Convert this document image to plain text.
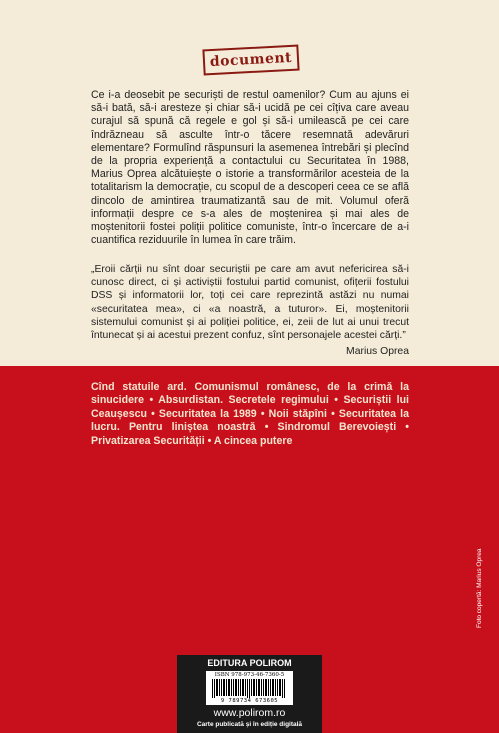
document

Ce i-a deosebit pe securiști de restul oamenilor? Cum au ajuns ei să-i bată, să-i aresteze și chiar să-i ucidă pe cei cîțiva care aveau curajul să spună că regele e gol și să-i umilească pe cei care îndrăzneau să asculte într-o tăcere resemnată adevăruri elementare? Formulînd răspunsuri la asemenea întrebări și plecînd de la propria experiență a contactului cu Securitatea în 1988, Marius Oprea alcătuiește o istorie a transformărilor acesteia de la totalitarism la democrație, cu scopul de a descoperi ceea ce se află dincolo de amintirea traumatizantă sau de mit. Volumul oferă informații despre ce s-a ales de moștenirea și mai ales de moștenitorii fostei poliții politice comuniste, într-o încercare de a-i cuantifica reziduurile în lumea în care trăim.

„Eroii cărții nu sînt doar securiștii pe care am avut nefericirea să-i cunosc direct, ci și activiștii fostului partid comunist, ofițerii fostului DSS și informatorii lor, toți cei care reprezintă astăzi nu numai «securitatea mea», ci «a noastră, a tuturor». Ei, moștenitorii sistemului comunist și ai poliției politice, ei, zeii de lut ai unui trecut întunecat și ai acestui prezent confuz, sînt personajele acestei cărți.”

Marius Oprea

Cînd statuile ard. Comunismul românesc, de la crimă la sinucidere • Absurdistan. Secretele regimului • Securiștii lui Ceaușescu • Securitatea la 1989 • Noii stăpîni • Securitatea la lucru. Pentru liniștea noastră • Sindromul Berevoiești • Privatizarea Securității • A cincea putere

Foto copertă: Marius Oprea
EDITURA POLIROM
ISBN 978-973-46-7360-5
9 789734 673605
www.polirom.ro
Carte publicată și în ediție digitală
